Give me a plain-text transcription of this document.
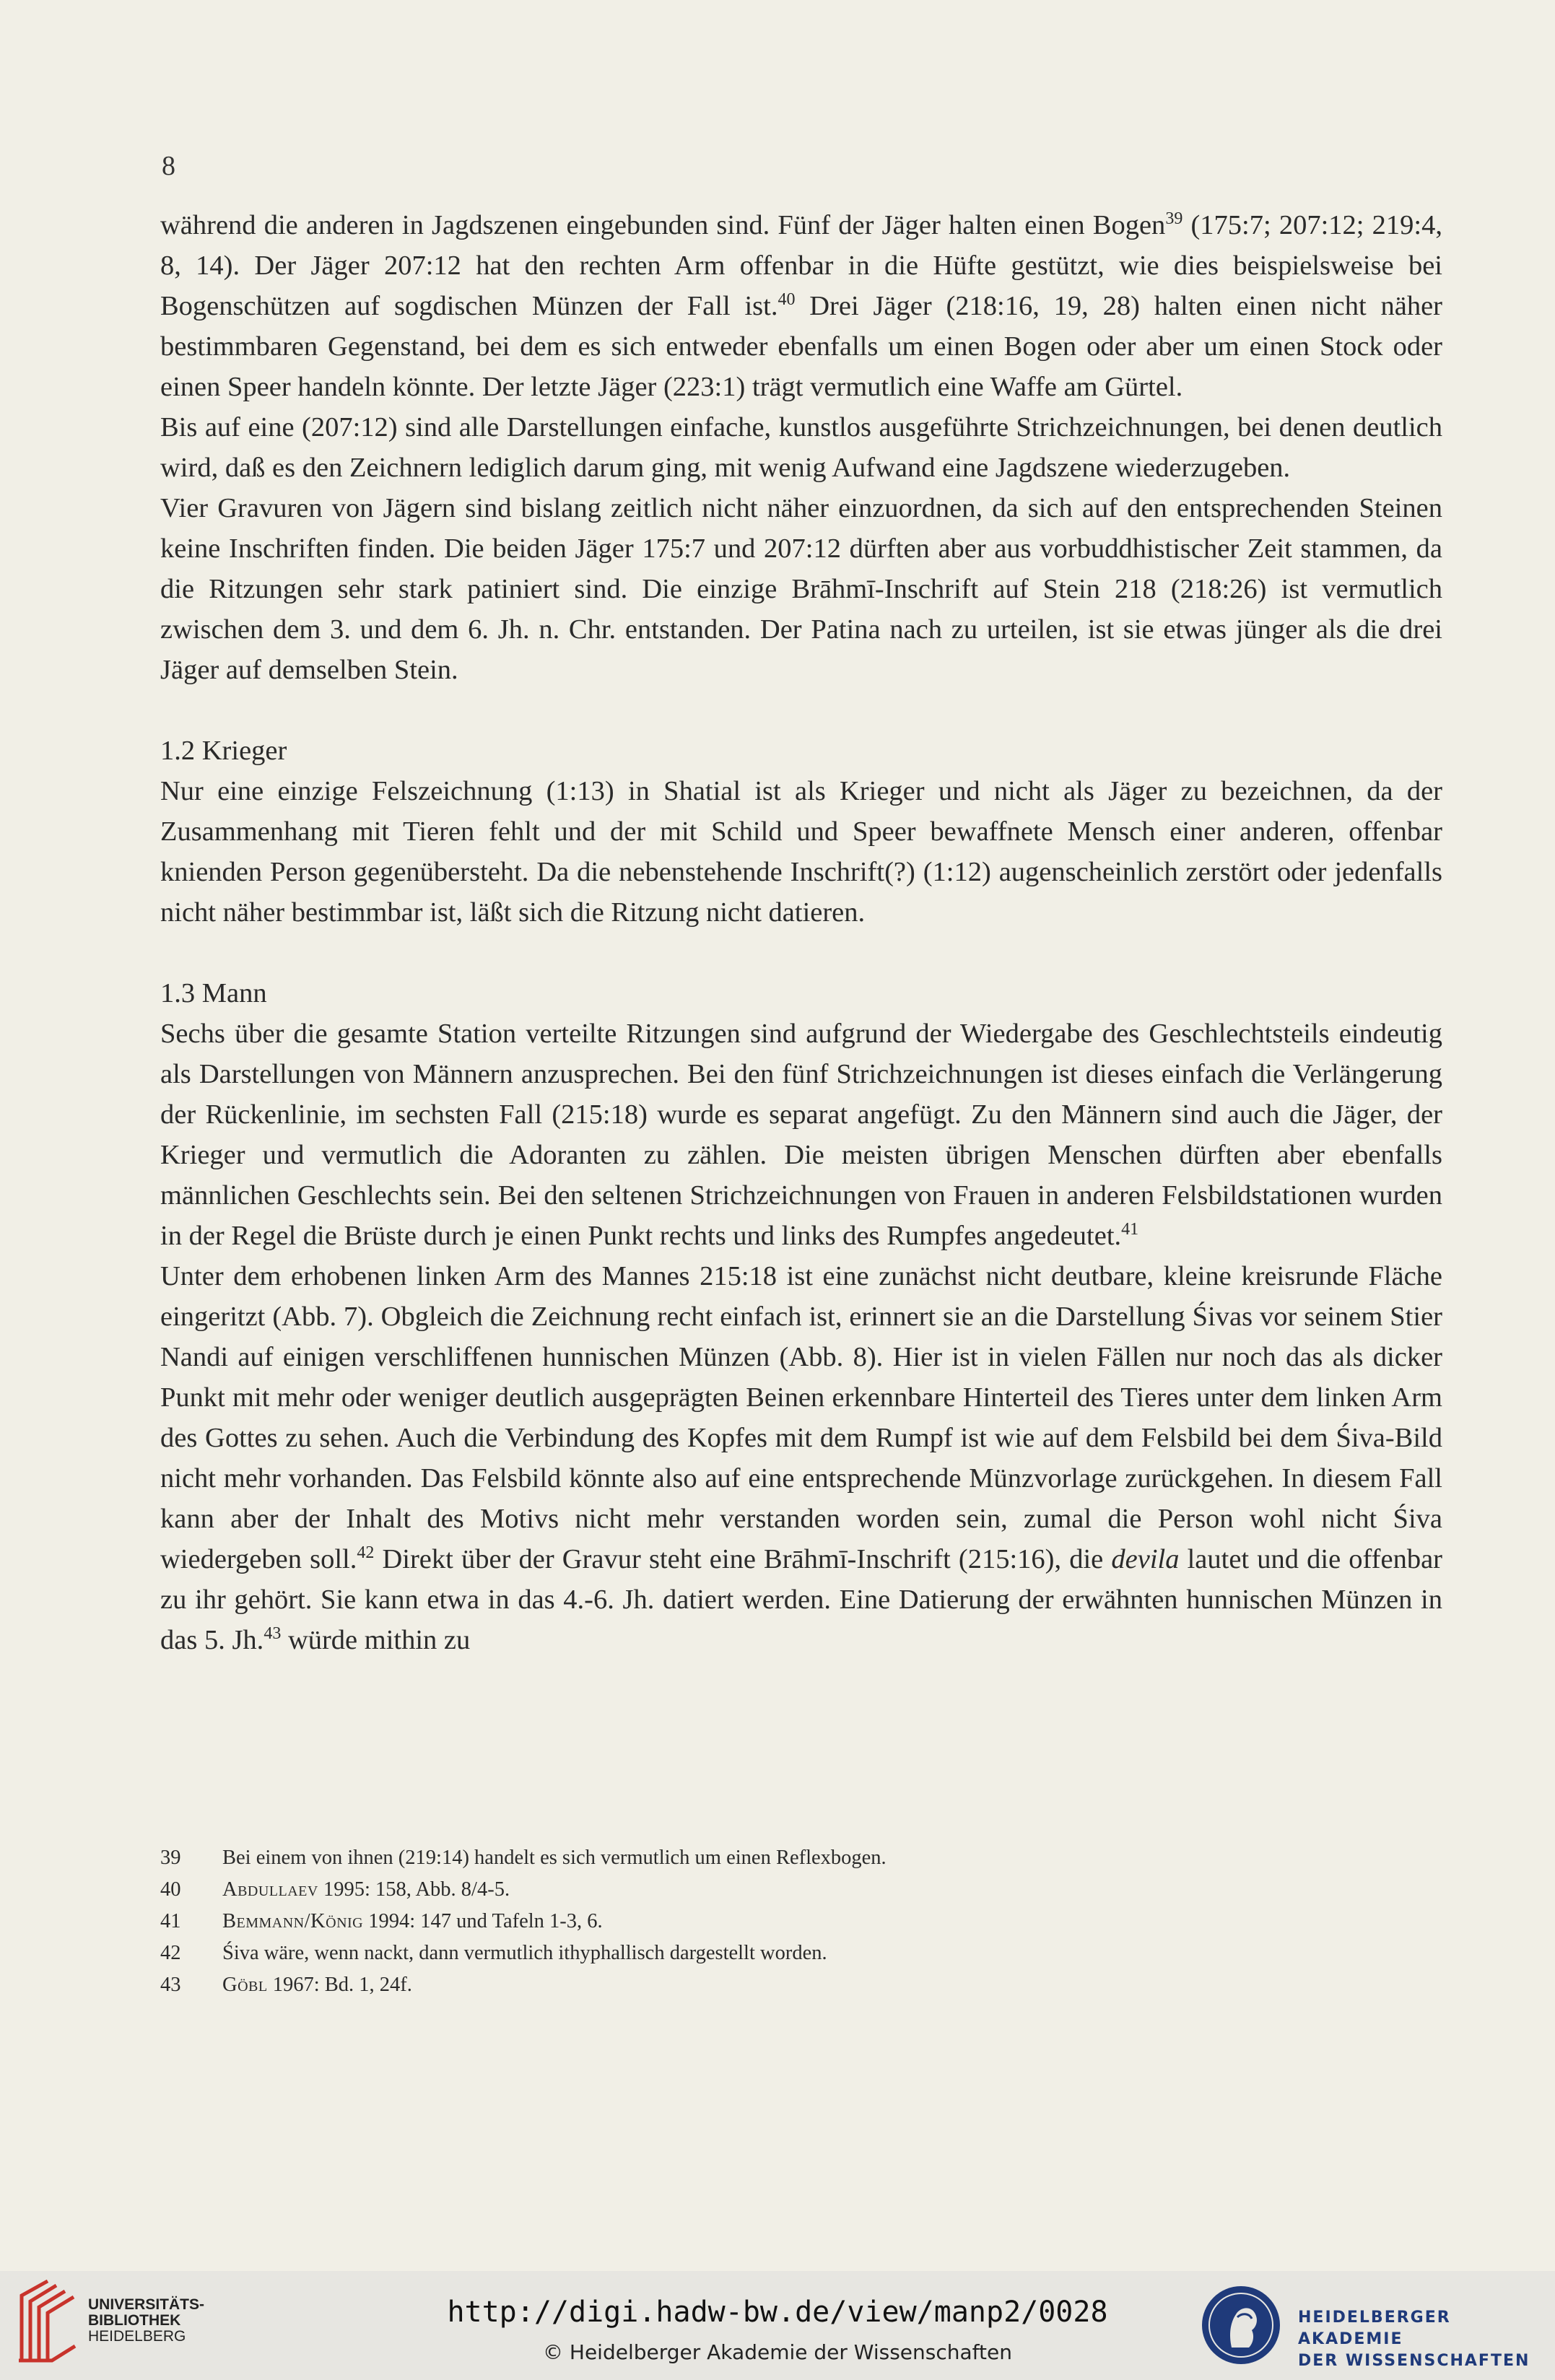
8

während die anderen in Jagdszenen eingebunden sind. Fünf der Jäger halten einen Bogen$^{39}$ (175:7; 207:12; 219:4, 8, 14). Der Jäger 207:12 hat den rechten Arm offenbar in die Hüfte gestützt, wie dies beispielsweise bei Bogenschützen auf sogdischen Münzen der Fall ist.$^{40}$ Drei Jäger (218:16, 19, 28) halten einen nicht näher bestimmbaren Gegenstand, bei dem es sich entweder ebenfalls um einen Bogen oder aber um einen Stock oder einen Speer handeln könnte. Der letzte Jäger (223:1) trägt vermutlich eine Waffe am Gürtel.

Bis auf eine (207:12) sind alle Darstellungen einfache, kunstlos ausgeführte Strichzeichnungen, bei denen deutlich wird, daß es den Zeichnern lediglich darum ging, mit wenig Aufwand eine Jagdszene wiederzugeben.

Vier Gravuren von Jägern sind bislang zeitlich nicht näher einzuordnen, da sich auf den entsprechenden Steinen keine Inschriften finden. Die beiden Jäger 175:7 und 207:12 dürften aber aus vorbuddhistischer Zeit stammen, da die Ritzungen sehr stark patiniert sind. Die einzige Brāhmī-Inschrift auf Stein 218 (218:26) ist vermutlich zwischen dem 3. und dem 6. Jh. n. Chr. entstanden. Der Patina nach zu urteilen, ist sie etwas jünger als die drei Jäger auf demselben Stein.

1.2 Krieger

Nur eine einzige Felszeichnung (1:13) in Shatial ist als Krieger und nicht als Jäger zu bezeichnen, da der Zusammenhang mit Tieren fehlt und der mit Schild und Speer bewaffnete Mensch einer anderen, offenbar knienden Person gegenübersteht. Da die nebenstehende Inschrift(?) (1:12) augenscheinlich zerstört oder jedenfalls nicht näher bestimmbar ist, läßt sich die Ritzung nicht datieren.

1.3 Mann

Sechs über die gesamte Station verteilte Ritzungen sind aufgrund der Wiedergabe des Geschlechtsteils eindeutig als Darstellungen von Männern anzusprechen. Bei den fünf Strichzeichnungen ist dieses einfach die Verlängerung der Rückenlinie, im sechsten Fall (215:18) wurde es separat angefügt. Zu den Männern sind auch die Jäger, der Krieger und vermutlich die Adoranten zu zählen. Die meisten übrigen Menschen dürften aber ebenfalls männlichen Geschlechts sein. Bei den seltenen Strichzeichnungen von Frauen in anderen Felsbildstationen wurden in der Regel die Brüste durch je einen Punkt rechts und links des Rumpfes angedeutet.$^{41}$

Unter dem erhobenen linken Arm des Mannes 215:18 ist eine zunächst nicht deutbare, kleine kreisrunde Fläche eingeritzt (Abb. 7). Obgleich die Zeichnung recht einfach ist, erinnert sie an die Darstellung Śivas vor seinem Stier Nandi auf einigen verschliffenen hunnischen Münzen (Abb. 8). Hier ist in vielen Fällen nur noch das als dicker Punkt mit mehr oder weniger deutlich ausgeprägten Beinen erkennbare Hinterteil des Tieres unter dem linken Arm des Gottes zu sehen. Auch die Verbindung des Kopfes mit dem Rumpf ist wie auf dem Felsbild bei dem Śiva-Bild nicht mehr vorhanden. Das Felsbild könnte also auf eine entsprechende Münzvorlage zurückgehen. In diesem Fall kann aber der Inhalt des Motivs nicht mehr verstanden worden sein, zumal die Person wohl nicht Śiva wiedergeben soll.$^{42}$ Direkt über der Gravur steht eine Brāhmī-Inschrift (215:16), die devila lautet und die offenbar zu ihr gehört. Sie kann etwa in das 4.-6. Jh. datiert werden. Eine Datierung der erwähnten hunnischen Münzen in das 5. Jh.$^{43}$ würde mithin zu

39	Bei einem von ihnen (219:14) handelt es sich vermutlich um einen Reflexbogen.
40	Abdullaev 1995: 158, Abb. 8/4-5.
41	Bemmann/König 1994: 147 und Tafeln 1-3, 6.
42	Śiva wäre, wenn nackt, dann vermutlich ithyphallisch dargestellt worden.
43	Göbl 1967: Bd. 1, 24f.
UNIVERSITÄTS-
BIBLIOTHEK
HEIDELBERG
http://digi.hadw-bw.de/view/manp2/0028
© Heidelberger Akademie der Wissenschaften
HEIDELBERGER AKADEMIE
DER WISSENSCHAFTEN
